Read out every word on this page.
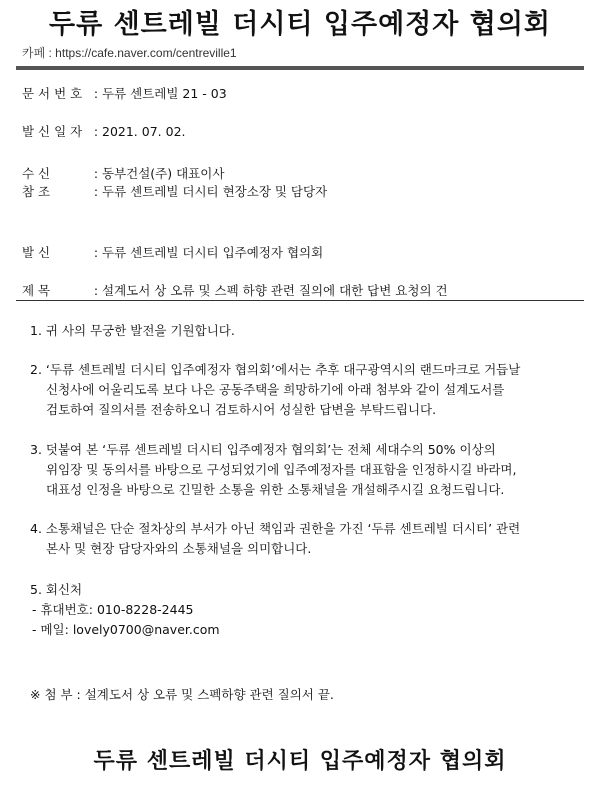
두류 센트레빌 더시티 입주예정자 협의회
카페 : https://cafe.naver.com/centreville1
문 서 번 호 : 두류 센트레빌 21 - 03
발 신 일 자 : 2021. 07. 02.
수 신	: 동부건설(주) 대표이사
참 조	: 두류 센트레빌 더시티 현장소장 및 담당자
발 신	: 두류 센트레빌 더시티 입주예정자 협의회
제 목	: 설계도서 상 오류 및 스펙 하향 관련 질의에 대한 답변 요청의 건
1. 귀 사의 무궁한 발전을 기원합니다.
2. ‘두류 센트레빌 더시티 입주예정자 협의회’에서는 추후 대구광역시의 랜드마크로 거듭날
신청사에 어울리도록 보다 나은 공동주택을 희망하기에 아래 첨부와 같이 설계도서를
검토하여 질의서를 전송하오니 검토하시어 성실한 답변을 부탁드립니다.
3. 덧붙여 본 ‘두류 센트레빌 더시티 입주예정자 협의회’는 전체 세대수의 50% 이상의
위임장 및 동의서를 바탕으로 구성되었기에 입주예정자를 대표함을 인정하시길 바라며,
대표성 인정을 바탕으로 긴밀한 소통을 위한 소통채널을 개설해주시길 요청드립니다.
4. 소통채널은 단순 절차상의 부서가 아닌 책임과 권한을 가진 ‘두류 센트레빌 더시티’ 관련
본사 및 현장 담당자와의 소통채널을 의미합니다.
5. 회신처
- 휴대번호: 010-8228-2445
- 메일: lovely0700@naver.com
※ 첨 부 : 설계도서 상 오류 및 스펙하향 관련 질의서 끝.
두류 센트레빌 더시티 입주예정자 협의회
